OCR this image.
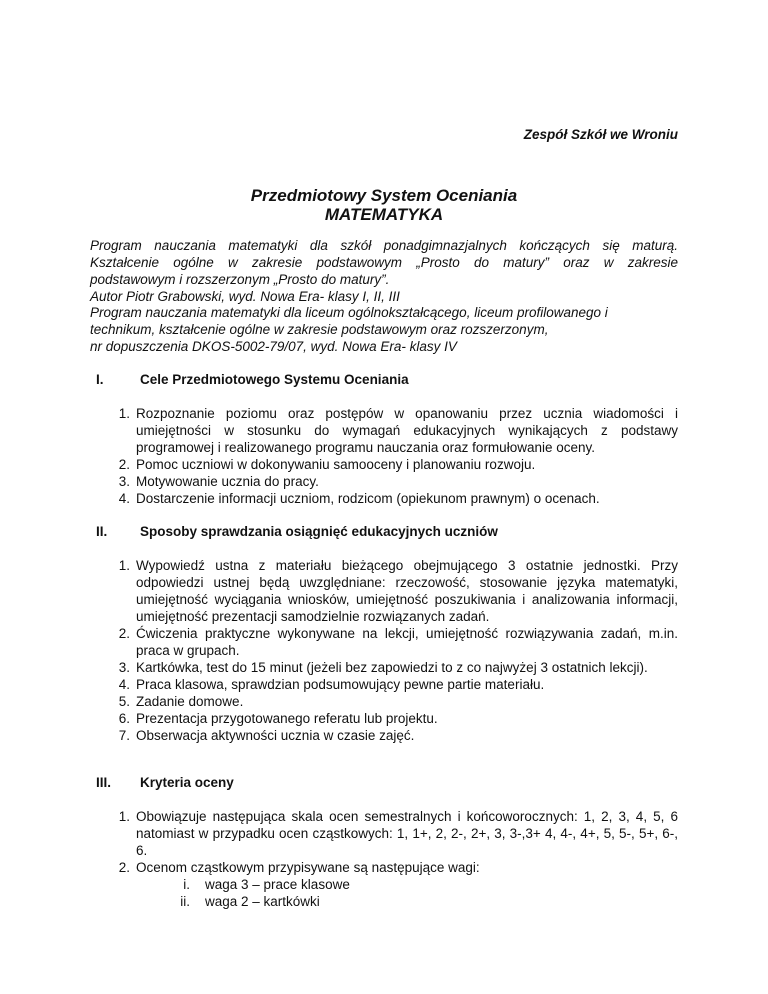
Zespół Szkół we Wroniu
Przedmiotowy System Oceniania
MATEMATYKA

Program nauczania matematyki dla szkół ponadgimnazjalnych kończących się maturą.
Kształcenie ogólne w zakresie podstawowym „Prosto do matury” oraz w zakresie
podstawowym i rozszerzonym „Prosto do matury”.
Autor Piotr Grabowski, wyd. Nowa Era- klasy I, II, III

Program nauczania matematyki dla liceum ogólnokształcącego, liceum profilowanego i
technikum, kształcenie ogólne w zakresie podstawowym oraz rozszerzonym,
nr dopuszczenia DKOS-5002-79/07, wyd. Nowa Era- klasy IV

I.	Cele Przedmiotowego Systemu Oceniania
1. Rozpoznanie poziomu oraz postępów w opanowaniu przez ucznia wiadomości i umiejętności w stosunku do wymagań edukacyjnych wynikających z podstawy programowej i realizowanego programu nauczania oraz formułowanie oceny.
2. Pomoc uczniowi w dokonywaniu samooceny i planowaniu rozwoju.
3. Motywowanie ucznia do pracy.
4. Dostarczenie informacji uczniom, rodzicom (opiekunom prawnym) o ocenach.
II. Sposoby sprawdzania osiągnięć edukacyjnych uczniów
1. Wypowiedź ustna z materiału bieżącego obejmującego 3 ostatnie jednostki. Przy odpowiedzi ustnej będą uwzględniane: rzeczowość, stosowanie języka matematyki, umiejętność wyciągania wniosków, umiejętność poszukiwania i analizowania informacji, umiejętność prezentacji samodzielnie rozwiązanych zadań.
2. Ćwiczenia praktyczne wykonywane na lekcji, umiejętność rozwiązywania zadań, m.in. praca w grupach.
3. Kartkówka, test do 15 minut (jeżeli bez zapowiedzi to z co najwyżej 3 ostatnich lekcji).
4. Praca klasowa, sprawdzian podsumowujący pewne partie materiału.
5. Zadanie domowe.
6. Prezentacja przygotowanego referatu lub projektu.
7. Obserwacja aktywności ucznia w czasie zajęć.
III. Kryteria oceny
1. Obowiązuje następująca skala ocen semestralnych i końcoworocznych: 1, 2, 3, 4, 5, 6 natomiast w przypadku ocen cząstkowych: 1, 1+, 2, 2-, 2+, 3, 3-,3+ 4, 4-, 4+, 5, 5-, 5+, 6-, 6.
2. Ocenom cząstkowym przypisywane są następujące wagi:
i. waga 3 – prace klasowe
ii. waga 2 – kartkówki
